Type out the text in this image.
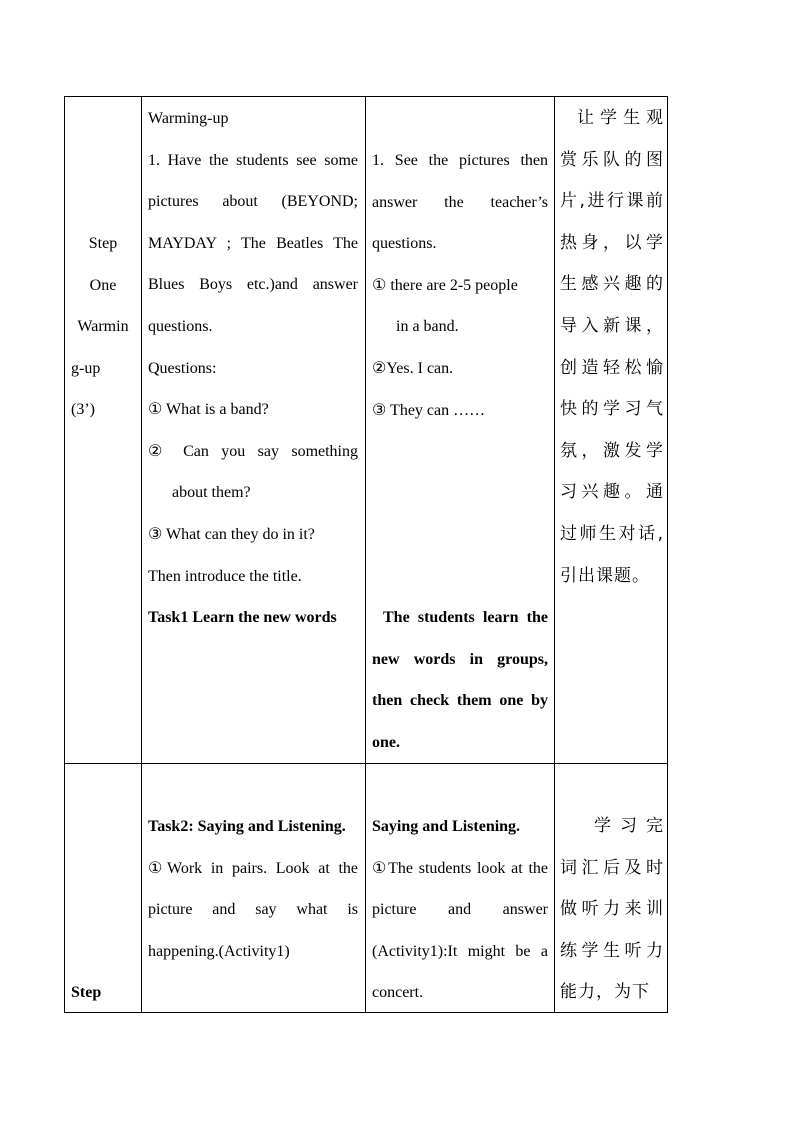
Step

One

Warmin

g-up

(3’)

Warming-up

1. Have the students see some pictures about (BEYOND; MAYDAY ; The Beatles The Blues Boys etc.)and answer questions.

Questions:

① What is a band?

② Can you say something

about them?

③ What can they do in it?

Then introduce the title.

Task1 Learn the new words

1. See the pictures then answer the teacher’s questions.

① there are 2-5 people

in a band.

②Yes. I can.

③ They can ……

The students learn the new words in groups, then check them one by one.
让学生观赏乐队的图片,进行课前热身，以学生感兴趣的导入新课，创造轻松愉快的学习气氛，激发学习兴趣。通过师生对话,引出课题。
Step

Task2: Saying and Listening.

①Work in pairs. Look at the picture and say what is happening.(Activity1)

Saying and Listening.

①The students look at the picture and answer (Activity1):It might be a concert.

学习完词汇后及时做听力来训练学生听力能力，为下
